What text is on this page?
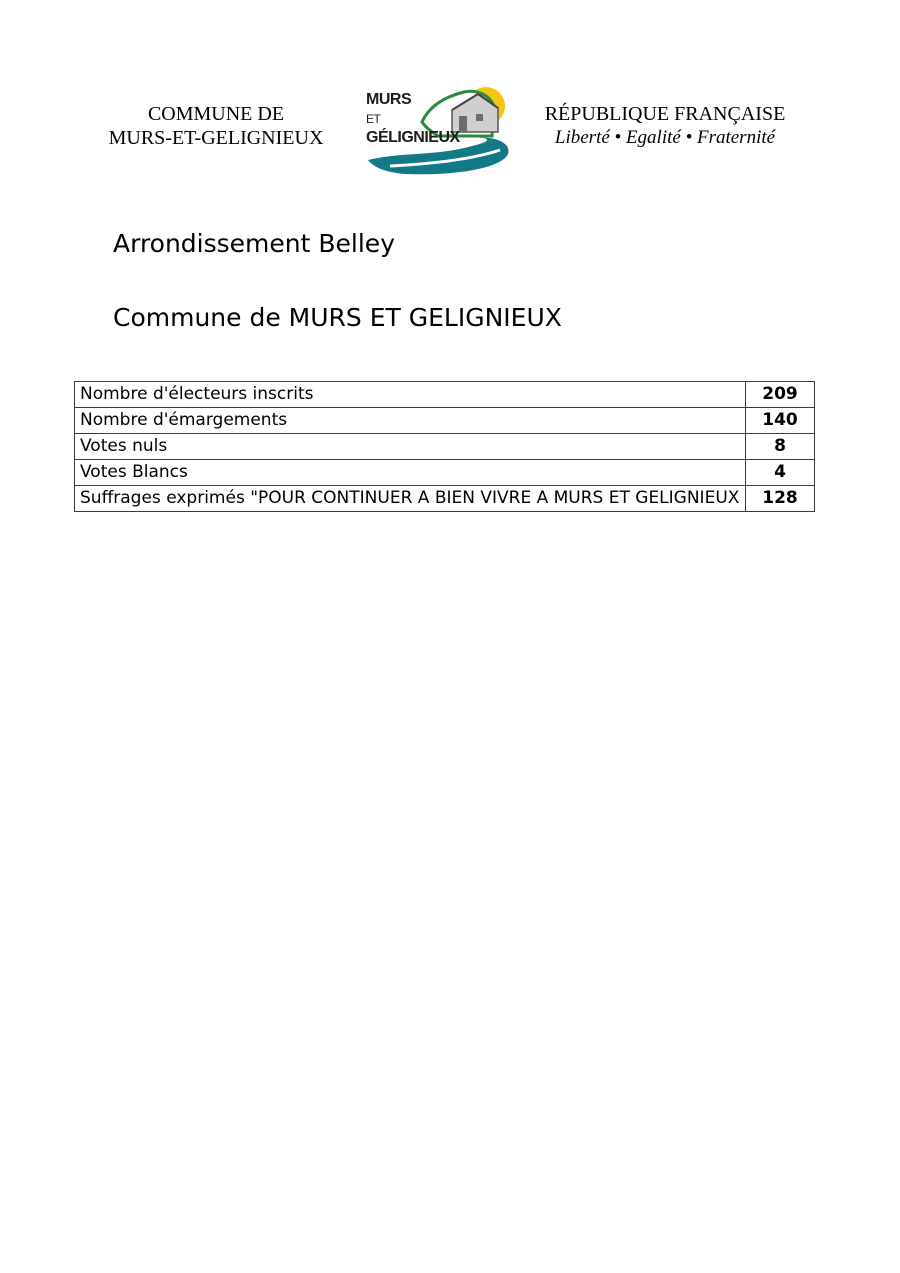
COMMUNE DE
MURS-ET-GELIGNIEUX
MURS
ET
GÉLIGNIEUX
RÉPUBLIQUE FRANÇAISE
Liberté • Egalité • Fraternité
Arrondissement Belley
Commune de MURS ET GELIGNIEUX
Nombre d'électeurs inscrits	209
Nombre d'émargements	140
Votes nuls	8
Votes Blancs	4
Suffrages exprimés "POUR CONTINUER A BIEN VIVRE A MURS ET GELIGNIEUX	128
